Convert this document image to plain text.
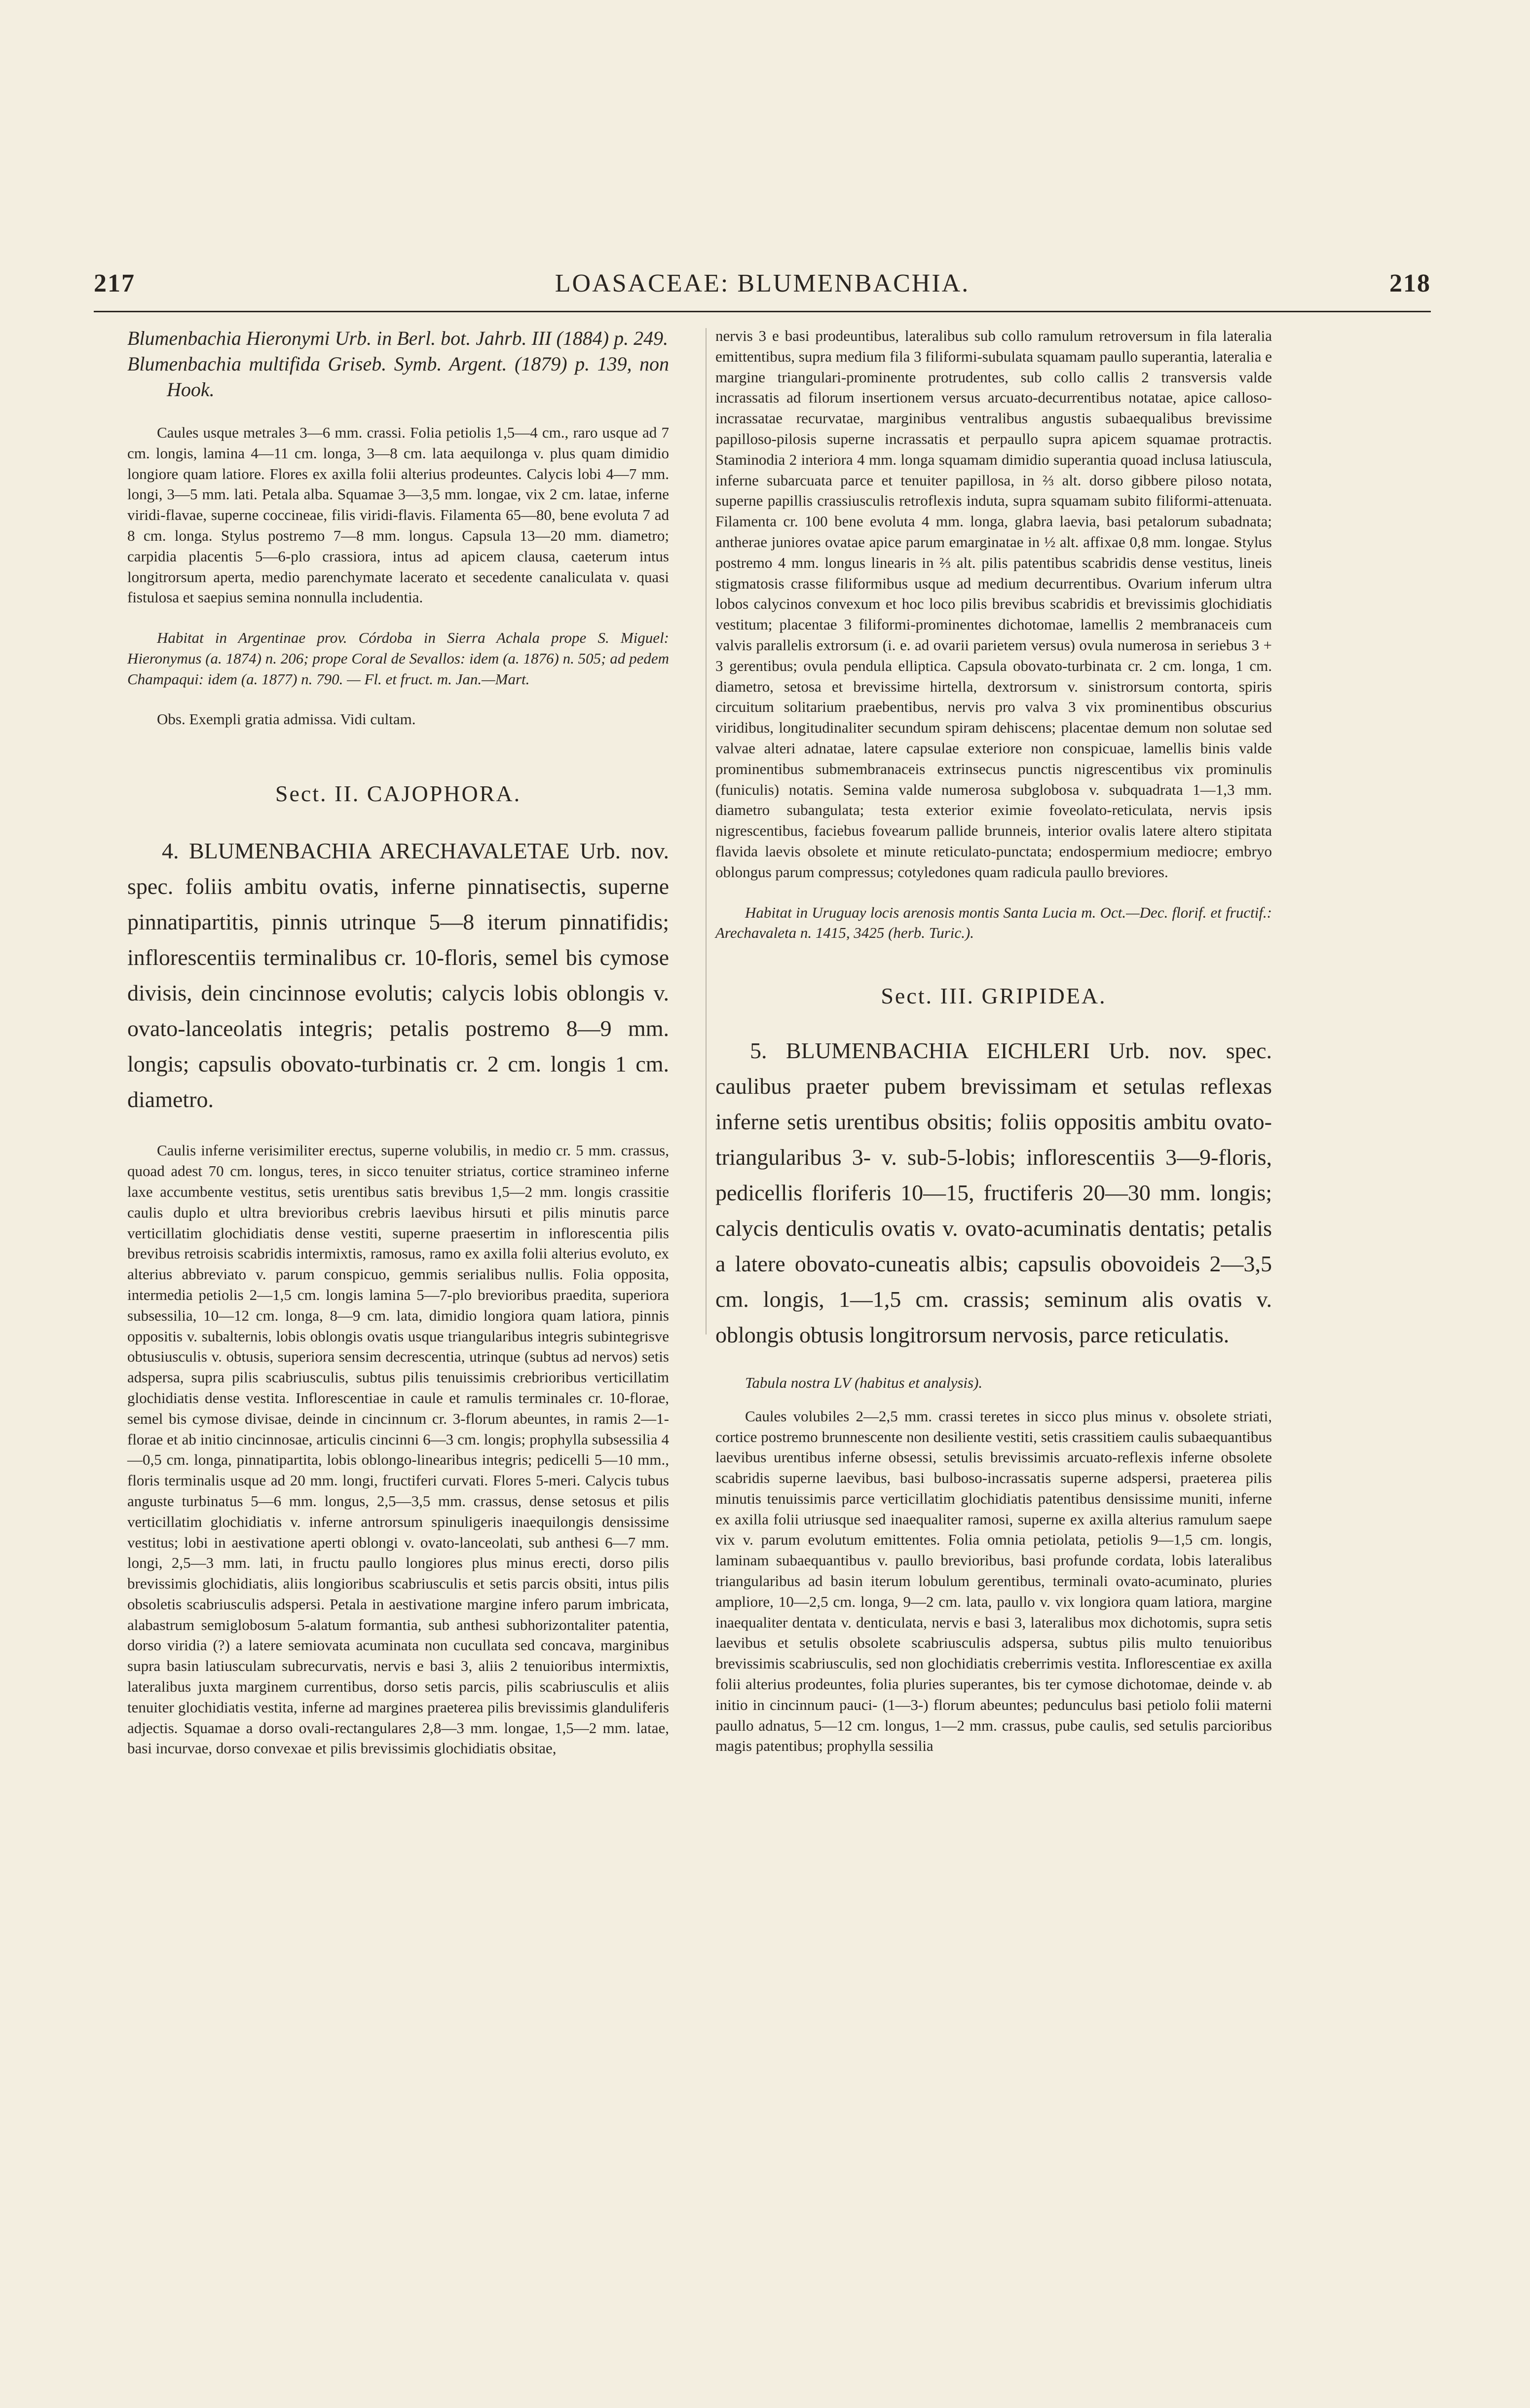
217	LOASACEAE: BLUMENBACHIA.	218

Blumenbachia Hieronymi Urb. in Berl. bot. Jahrb. III (1884) p. 249.

Blumenbachia multifida Griseb. Symb. Argent. (1879) p. 139, non Hook.

Caules usque metrales 3—6 mm. crassi. Folia petiolis 1,5—4 cm., raro usque ad 7 cm. longis, lamina 4—11 cm. longa, 3—8 cm. lata aequilonga v. plus quam dimidio longiore quam latiore. Flores ex axilla folii alterius prodeuntes. Calycis lobi 4—7 mm. longi, 3—5 mm. lati. Petala alba. Squamae 3—3,5 mm. longae, vix 2 cm. latae, inferne viridi-flavae, superne coccineae, filis viridi-flavis. Filamenta 65—80, bene evoluta 7 ad 8 cm. longa. Stylus postremo 7—8 mm. longus. Capsula 13—20 mm. diametro; carpidia placentis 5—6-plo crassiora, intus ad apicem clausa, caeterum intus longitrorsum aperta, medio parenchymate lacerato et secedente canaliculata v. quasi fistulosa et saepius semina nonnulla includentia.

Habitat in Argentinae prov. Córdoba in Sierra Achala prope S. Miguel: Hieronymus (a. 1874) n. 206; prope Coral de Sevallos: idem (a. 1876) n. 505; ad pedem Champaqui: idem (a. 1877) n. 790. — Fl. et fruct. m. Jan.—Mart.

Obs. Exempli gratia admissa. Vidi cultam.

Sect. II. CAJOPHORA.

4. BLUMENBACHIA ARECHAVALETAE Urb. nov. spec. foliis ambitu ovatis, inferne pinnatisectis, superne pinnatipartitis, pinnis utrinque 5—8 iterum pinnatifidis; inflorescentiis terminalibus cr. 10-floris, semel bis cymose divisis, dein cincinnose evolutis; calycis lobis oblongis v. ovato-lanceolatis integris; petalis postremo 8—9 mm. longis; capsulis obovato-turbinatis cr. 2 cm. longis 1 cm. diametro.

Caulis inferne verisimiliter erectus, superne volubilis, in medio cr. 5 mm. crassus, quoad adest 70 cm. longus, teres, in sicco tenuiter striatus, cortice stramineo inferne laxe accumbente vestitus, setis urentibus satis brevibus 1,5—2 mm. longis crassitie caulis duplo et ultra brevioribus crebris laevibus hirsuti et pilis minutis parce verticillatim glochidiatis dense vestiti, superne praesertim in inflorescentia pilis brevibus retroisis scabridis intermixtis, ramosus, ramo ex axilla folii alterius evoluto, ex alterius abbreviato v. parum conspicuo, gemmis serialibus nullis. Folia opposita, intermedia petiolis 2—1,5 cm. longis lamina 5—7-plo brevioribus praedita, superiora subsessilia, 10—12 cm. longa, 8—9 cm. lata, dimidio longiora quam latiora, pinnis oppositis v. subalternis, lobis oblongis ovatis usque triangularibus integris subintegrisve obtusiusculis v. obtusis, superiora sensim decrescentia, utrinque (subtus ad nervos) setis adspersa, supra pilis scabriusculis, subtus pilis tenuissimis crebrioribus verticillatim glochidiatis dense vestita. Inflorescentiae in caule et ramulis terminales cr. 10-florae, semel bis cymose divisae, deinde in cincinnum cr. 3-florum abeuntes, in ramis 2—1-florae et ab initio cincinnosae, articulis cincinni 6—3 cm. longis; prophylla subsessilia 4—0,5 cm. longa, pinnatipartita, lobis oblongo-linearibus integris; pedicelli 5—10 mm., floris terminalis usque ad 20 mm. longi, fructiferi curvati. Flores 5-meri. Calycis tubus anguste turbinatus 5—6 mm. longus, 2,5—3,5 mm. crassus, dense setosus et pilis verticillatim glochidiatis v. inferne antrorsum spinuligeris inaequilongis densissime vestitus; lobi in aestivatione aperti oblongi v. ovato-lanceolati, sub anthesi 6—7 mm. longi, 2,5—3 mm. lati, in fructu paullo longiores plus minus erecti, dorso pilis brevissimis glochidiatis, aliis longioribus scabriusculis et setis parcis obsiti, intus pilis obsoletis scabriusculis adspersi. Petala in aestivatione margine infero parum imbricata, alabastrum semiglobosum 5-alatum formantia, sub anthesi subhorizontaliter patentia, dorso viridia (?) a latere semiovata acuminata non cucullata sed concava, marginibus supra basin latiusculam subrecurvatis, nervis e basi 3, aliis 2 tenuioribus intermixtis, lateralibus juxta marginem currentibus, dorso setis parcis, pilis scabriusculis et aliis tenuiter glochidiatis vestita, inferne ad margines praeterea pilis brevissimis glanduliferis adjectis. Squamae a dorso ovali-rectangulares 2,8—3 mm. longae, 1,5—2 mm. latae, basi incurvae, dorso convexae et pilis brevissimis glochidiatis obsitae,

nervis 3 e basi prodeuntibus, lateralibus sub collo ramulum retroversum in fila lateralia emittentibus, supra medium fila 3 filiformi-subulata squamam paullo superantia, lateralia e margine triangulari-prominente protrudentes, sub collo callis 2 transversis valde incrassatis ad filorum insertionem versus arcuato-decurrentibus notatae, apice calloso-incrassatae recurvatae, marginibus ventralibus angustis subaequalibus brevissime papilloso-pilosis superne incrassatis et perpaullo supra apicem squamae protractis. Staminodia 2 interiora 4 mm. longa squamam dimidio superantia quoad inclusa latiuscula, inferne subarcuata parce et tenuiter papillosa, in ⅔ alt. dorso gibbere piloso notata, superne papillis crassiusculis retroflexis induta, supra squamam subito filiformi-attenuata. Filamenta cr. 100 bene evoluta 4 mm. longa, glabra laevia, basi petalorum subadnata; antherae juniores ovatae apice parum emarginatae in ½ alt. affixae 0,8 mm. longae. Stylus postremo 4 mm. longus linearis in ⅔ alt. pilis patentibus scabridis dense vestitus, lineis stigmatosis crasse filiformibus usque ad medium decurrentibus. Ovarium inferum ultra lobos calycinos convexum et hoc loco pilis brevibus scabridis et brevissimis glochidiatis vestitum; placentae 3 filiformi-prominentes dichotomae, lamellis 2 membranaceis cum valvis parallelis extrorsum (i. e. ad ovarii parietem versus) ovula numerosa in seriebus 3 + 3 gerentibus; ovula pendula elliptica. Capsula obovato-turbinata cr. 2 cm. longa, 1 cm. diametro, setosa et brevissime hirtella, dextrorsum v. sinistrorsum contorta, spiris circuitum solitarium praebentibus, nervis pro valva 3 vix prominentibus obscurius viridibus, longitudinaliter secundum spiram dehiscens; placentae demum non solutae sed valvae alteri adnatae, latere capsulae exteriore non conspicuae, lamellis binis valde prominentibus submembranaceis extrinsecus punctis nigrescentibus vix prominulis (funiculis) notatis. Semina valde numerosa subglobosa v. subquadrata 1—1,3 mm. diametro subangulata; testa exterior eximie foveolato-reticulata, nervis ipsis nigrescentibus, faciebus fovearum pallide brunneis, interior ovalis latere altero stipitata flavida laevis obsolete et minute reticulato-punctata; endospermium mediocre; embryo oblongus parum compressus; cotyledones quam radicula paullo breviores.

Habitat in Uruguay locis arenosis montis Santa Lucia m. Oct.—Dec. florif. et fructif.: Arechavaleta n. 1415, 3425 (herb. Turic.).

Sect. III. GRIPIDEA.

5. BLUMENBACHIA EICHLERI Urb. nov. spec. caulibus praeter pubem brevissimam et setulas reflexas inferne setis urentibus obsitis; foliis oppositis ambitu ovato-triangularibus 3- v. sub-5-lobis; inflorescentiis 3—9-floris, pedicellis floriferis 10—15, fructiferis 20—30 mm. longis; calycis denticulis ovatis v. ovato-acuminatis dentatis; petalis a latere obovato-cuneatis albis; capsulis obovoideis 2—3,5 cm. longis, 1—1,5 cm. crassis; seminum alis ovatis v. oblongis obtusis longitrorsum nervosis, parce reticulatis.

Tabula nostra LV (habitus et analysis).

Caules volubiles 2—2,5 mm. crassi teretes in sicco plus minus v. obsolete striati, cortice postremo brunnescente non desiliente vestiti, setis crassitiem caulis subaequantibus laevibus urentibus inferne obsessi, setulis brevissimis arcuato-reflexis inferne obsolete scabridis superne laevibus, basi bulboso-incrassatis superne adspersi, praeterea pilis minutis tenuissimis parce verticillatim glochidiatis patentibus densissime muniti, inferne ex axilla folii utriusque sed inaequaliter ramosi, superne ex axilla alterius ramulum saepe vix v. parum evolutum emittentes. Folia omnia petiolata, petiolis 9—1,5 cm. longis, laminam subaequantibus v. paullo brevioribus, basi profunde cordata, lobis lateralibus triangularibus ad basin iterum lobulum gerentibus, terminali ovato-acuminato, pluries ampliore, 10—2,5 cm. longa, 9—2 cm. lata, paullo v. vix longiora quam latiora, margine inaequaliter dentata v. denticulata, nervis e basi 3, lateralibus mox dichotomis, supra setis laevibus et setulis obsolete scabriusculis adspersa, subtus pilis multo tenuioribus brevissimis scabriusculis, sed non glochidiatis creberrimis vestita. Inflorescentiae ex axilla folii alterius prodeuntes, folia pluries superantes, bis ter cymose dichotomae, deinde v. ab initio in cincinnum pauci- (1—3-) florum abeuntes; pedunculus basi petiolo folii materni paullo adnatus, 5—12 cm. longus, 1—2 mm. crassus, pube caulis, sed setulis parcioribus magis patentibus; prophylla sessilia
